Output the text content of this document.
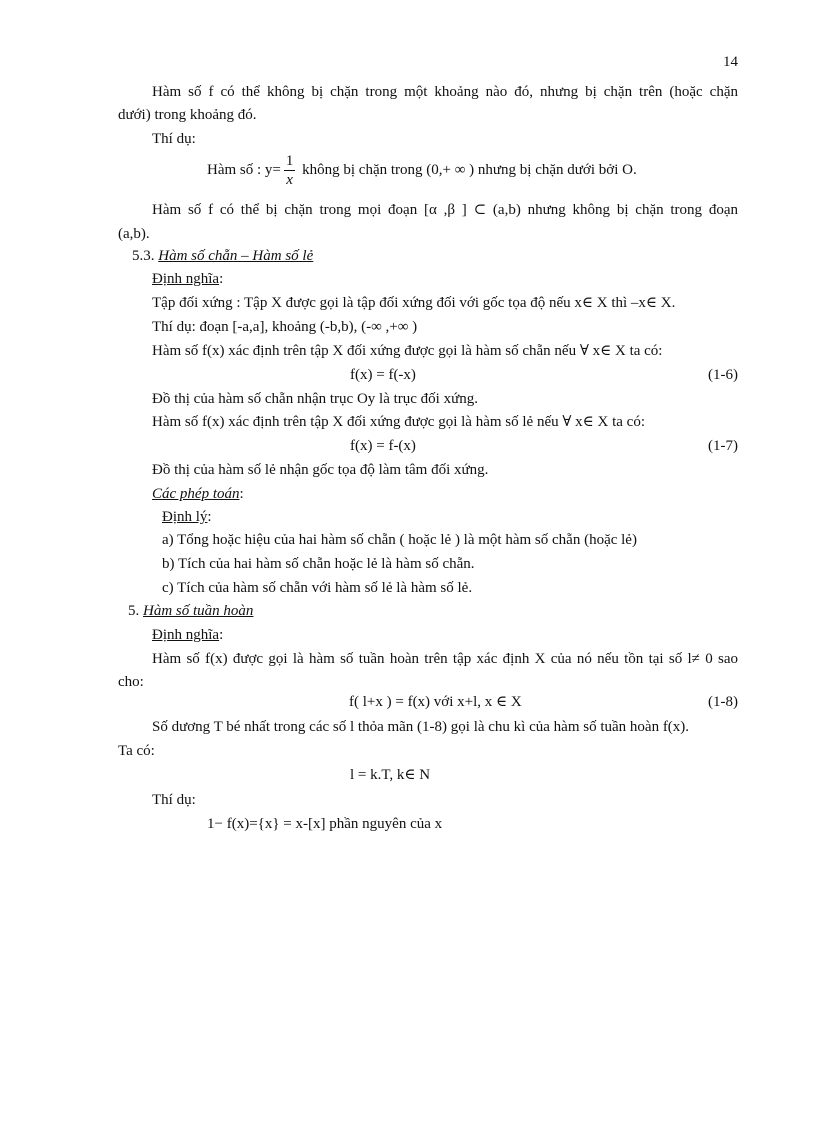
14
Hàm số f có thể không bị chặn trong một khoảng nào đó, nhưng bị chặn trên (hoặc chặn
dưới) trong khoảng đó.
Thí dụ:
Hàm số : $y= \frac{1}{x}$ không bị chặn trong (0,+ ∞ ) nhưng bị chặn dưới bởi O.
Hàm số f có thể bị chặn trong mọi đoạn [α ,β ] ⊂ (a,b) nhưng không bị chặn trong đoạn
(a,b).
5.3. Hàm số chẵn – Hàm số lẻ
Định nghĩa:
Tập đối xứng : Tập X được gọi là tập đối xứng đối với gốc tọa độ nếu x∈ X thì –x∈ X.
Thí dụ: đoạn [-a,a], khoảng (-b,b), (-∞ ,+∞ )
Hàm số f(x) xác định trên tập X đối xứng được gọi là hàm số chẵn nếu ∀ x∈ X ta có:
f(x) = f(-x)	(1-6)
Đồ thị của hàm số chẵn nhận trục Oy là trục đối xứng.
Hàm số f(x) xác định trên tập X đối xứng được gọi là hàm số lẻ nếu ∀ x∈ X ta có:
f(x) = f-(x)	(1-7)
Đồ thị của hàm số lẻ nhận gốc tọa độ làm tâm đối xứng.
Các phép toán:
Định lý:
a) Tổng hoặc hiệu của hai hàm số chẵn ( hoặc lẻ ) là một hàm số chẵn (hoặc lẻ)
b) Tích của hai hàm số chẵn hoặc lẻ là hàm số chẵn.
c) Tích của hàm số chẵn với hàm số lẻ là hàm số lẻ.
5. Hàm số tuần hoàn
Định nghĩa:
Hàm số f(x) được gọi là hàm số tuần hoàn trên tập xác định X của nó nếu tồn tại số l≠ 0 sao
cho:
f( l+x ) = f(x) với x+l, x ∈ X	(1-8)
Số dương T bé nhất trong các số l thỏa mãn (1-8) gọi là chu kì của hàm số tuần hoàn f(x).
Ta có:
l = k.T, k∈ N
Thí dụ:
1− f(x)={x} = x-[x] phần nguyên của x
